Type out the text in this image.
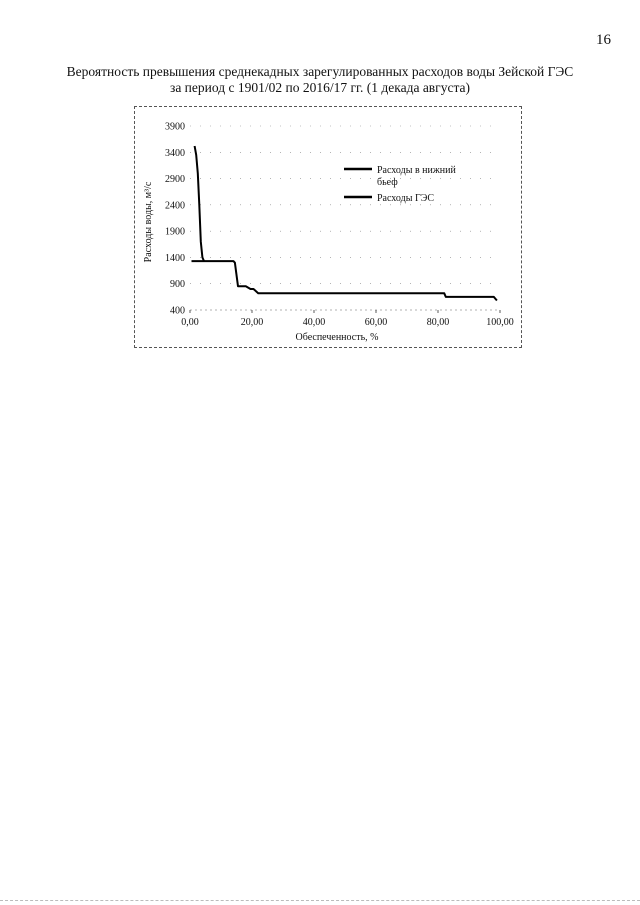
16
Вероятность превышения среднекадных зарегулированных расходов воды Зейской ГЭС
за период с 1901/02 по 2016/17 гг. (1 декада августа)
400
900
1400
1900
2400
2900
3400
3900
0,00	20,00	40,00	60,00	80,00	100,00
Обеспеченность, %
Расходы воды, м³/с
Расходы в нижний
бьеф
Расходы ГЭС
